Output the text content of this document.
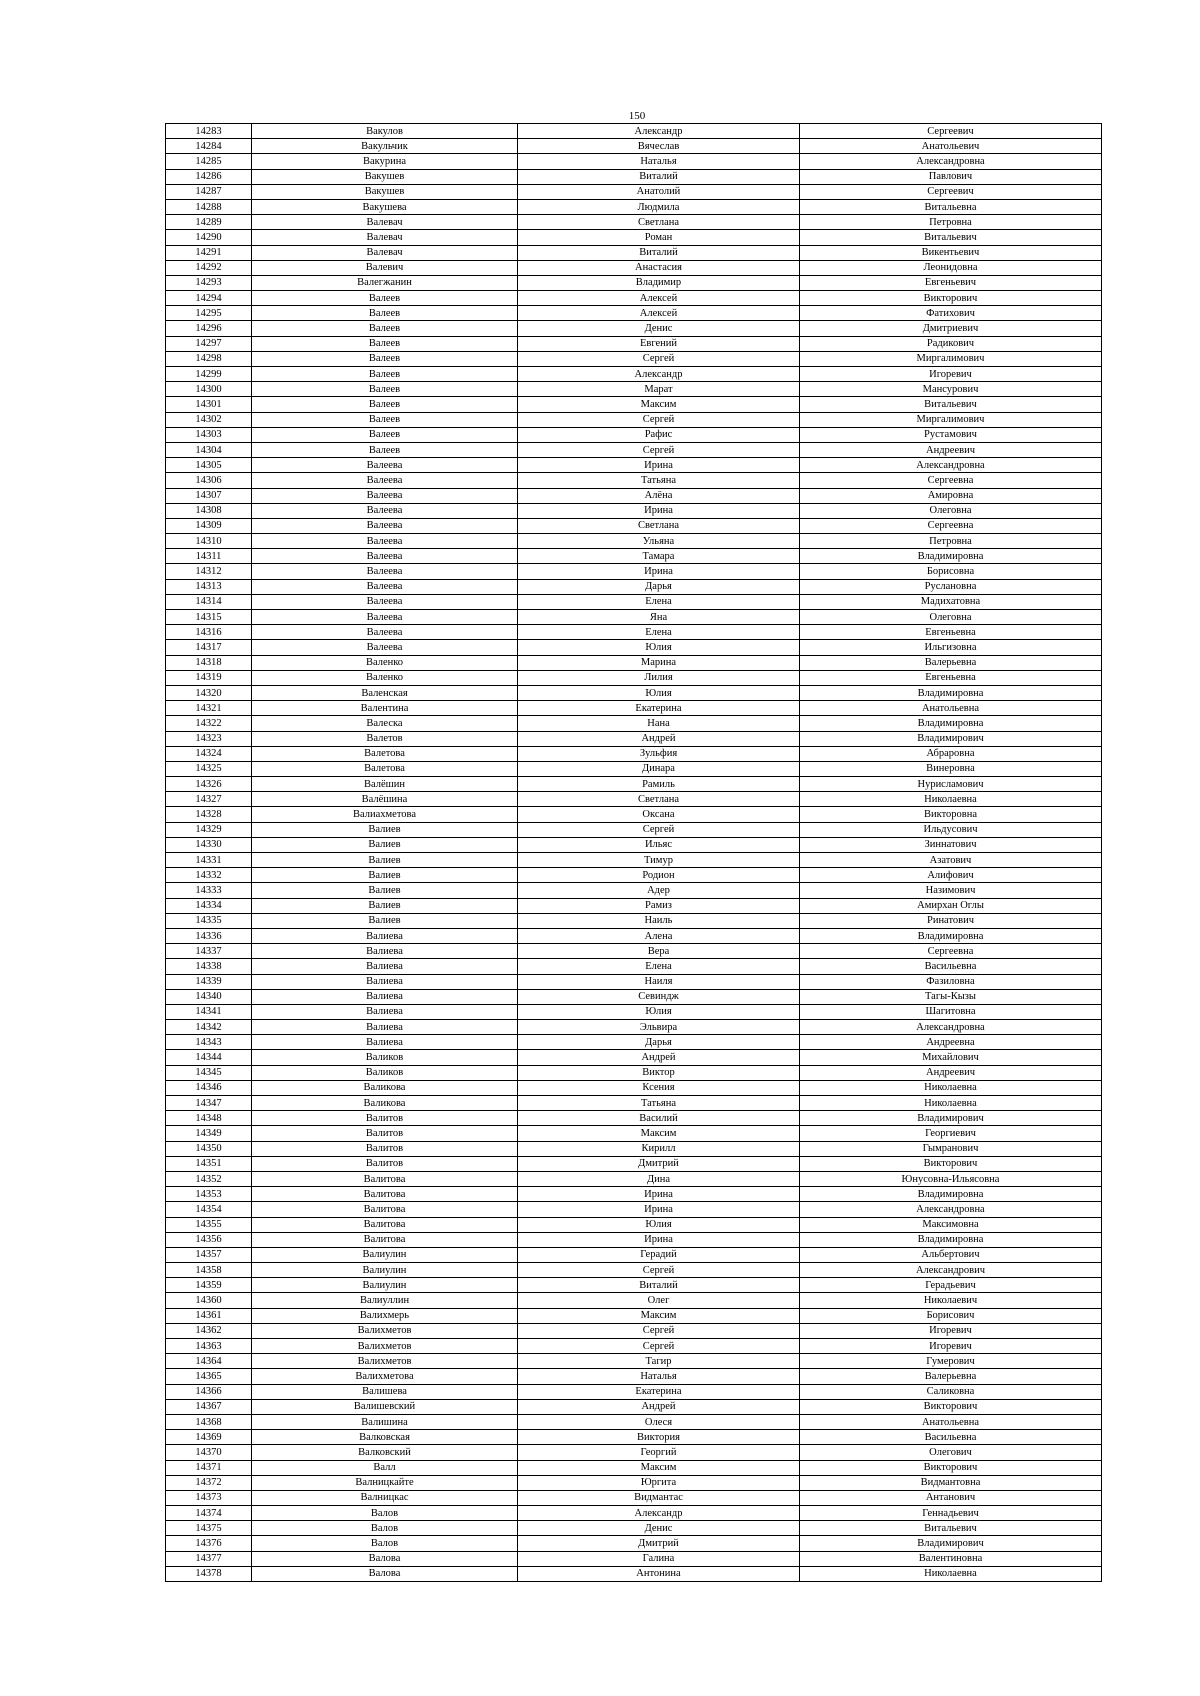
150
14283	Вакулов	Александр	Сергеевич
14284	Вакульчик	Вячеслав	Анатольевич
14285	Вакурина	Наталья	Александровна
14286	Вакушев	Виталий	Павлович
14287	Вакушев	Анатолий	Сергеевич
14288	Вакушева	Людмила	Витальевна
14289	Валевач	Светлана	Петровна
14290	Валевач	Роман	Витальевич
14291	Валевач	Виталий	Викентьевич
14292	Валевич	Анастасия	Леонидовна
14293	Валегжанин	Владимир	Евгеньевич
14294	Валеев	Алексей	Викторович
14295	Валеев	Алексей	Фатихович
14296	Валеев	Денис	Дмитриевич
14297	Валеев	Евгений	Радикович
14298	Валеев	Сергей	Миргалимович
14299	Валеев	Александр	Игоревич
14300	Валеев	Марат	Мансурович
14301	Валеев	Максим	Витальевич
14302	Валеев	Сергей	Миргалимович
14303	Валеев	Рафис	Рустамович
14304	Валеев	Сергей	Андреевич
14305	Валеева	Ирина	Александровна
14306	Валеева	Татьяна	Сергеевна
14307	Валеева	Алёна	Амировна
14308	Валеева	Ирина	Олеговна
14309	Валеева	Светлана	Сергеевна
14310	Валеева	Ульяна	Петровна
14311	Валеева	Тамара	Владимировна
14312	Валеева	Ирина	Борисовна
14313	Валеева	Дарья	Руслановна
14314	Валеева	Елена	Мадихатовна
14315	Валеева	Яна	Олеговна
14316	Валеева	Елена	Евгеньевна
14317	Валеева	Юлия	Ильгизовна
14318	Валенко	Марина	Валерьевна
14319	Валенко	Лилия	Евгеньевна
14320	Валенская	Юлия	Владимировна
14321	Валентина	Екатерина	Анатольевна
14322	Валеска	Нана	Владимировна
14323	Валетов	Андрей	Владимирович
14324	Валетова	Зульфия	Абраровна
14325	Валетова	Динара	Винеровна
14326	Валёшин	Рамиль	Нурисламович
14327	Валёшина	Светлана	Николаевна
14328	Валиахметова	Оксана	Викторовна
14329	Валиев	Сергей	Ильдусович
14330	Валиев	Ильяс	Зиннатович
14331	Валиев	Тимур	Азатович
14332	Валиев	Родион	Алифович
14333	Валиев	Адер	Назимович
14334	Валиев	Рамиз	Амирхан Оглы
14335	Валиев	Наиль	Ринатович
14336	Валиева	Алена	Владимировна
14337	Валиева	Вера	Сергеевна
14338	Валиева	Елена	Васильевна
14339	Валиева	Наиля	Фазиловна
14340	Валиева	Севиндж	Тагы-Кызы
14341	Валиева	Юлия	Шагитовна
14342	Валиева	Эльвира	Александровна
14343	Валиева	Дарья	Андреевна
14344	Валиков	Андрей	Михайлович
14345	Валиков	Виктор	Андреевич
14346	Валикова	Ксения	Николаевна
14347	Валикова	Татьяна	Николаевна
14348	Валитов	Василий	Владимирович
14349	Валитов	Максим	Георгиевич
14350	Валитов	Кирилл	Гымранович
14351	Валитов	Дмитрий	Викторович
14352	Валитова	Дина	Юнусовна-Ильясовна
14353	Валитова	Ирина	Владимировна
14354	Валитова	Ирина	Александровна
14355	Валитова	Юлия	Максимовна
14356	Валитова	Ирина	Владимировна
14357	Валиулин	Герадий	Альбертович
14358	Валиулин	Сергей	Александрович
14359	Валиулин	Виталий	Герадьевич
14360	Валиуллин	Олег	Николаевич
14361	Валихмерь	Максим	Борисович
14362	Валихметов	Сергей	Игоревич
14363	Валихметов	Сергей	Игоревич
14364	Валихметов	Тагир	Гумерович
14365	Валихметова	Наталья	Валерьевна
14366	Валишева	Екатерина	Саликовна
14367	Валишевский	Андрей	Викторович
14368	Валишина	Олеся	Анатольевна
14369	Валковская	Виктория	Васильевна
14370	Валковский	Георгий	Олегович
14371	Валл	Максим	Викторович
14372	Валницкайте	Юргита	Видмантовна
14373	Валницкас	Видмантас	Антанович
14374	Валов	Александр	Геннадьевич
14375	Валов	Денис	Витальевич
14376	Валов	Дмитрий	Владимирович
14377	Валова	Галина	Валентиновна
14378	Валова	Антонина	Николаевна
